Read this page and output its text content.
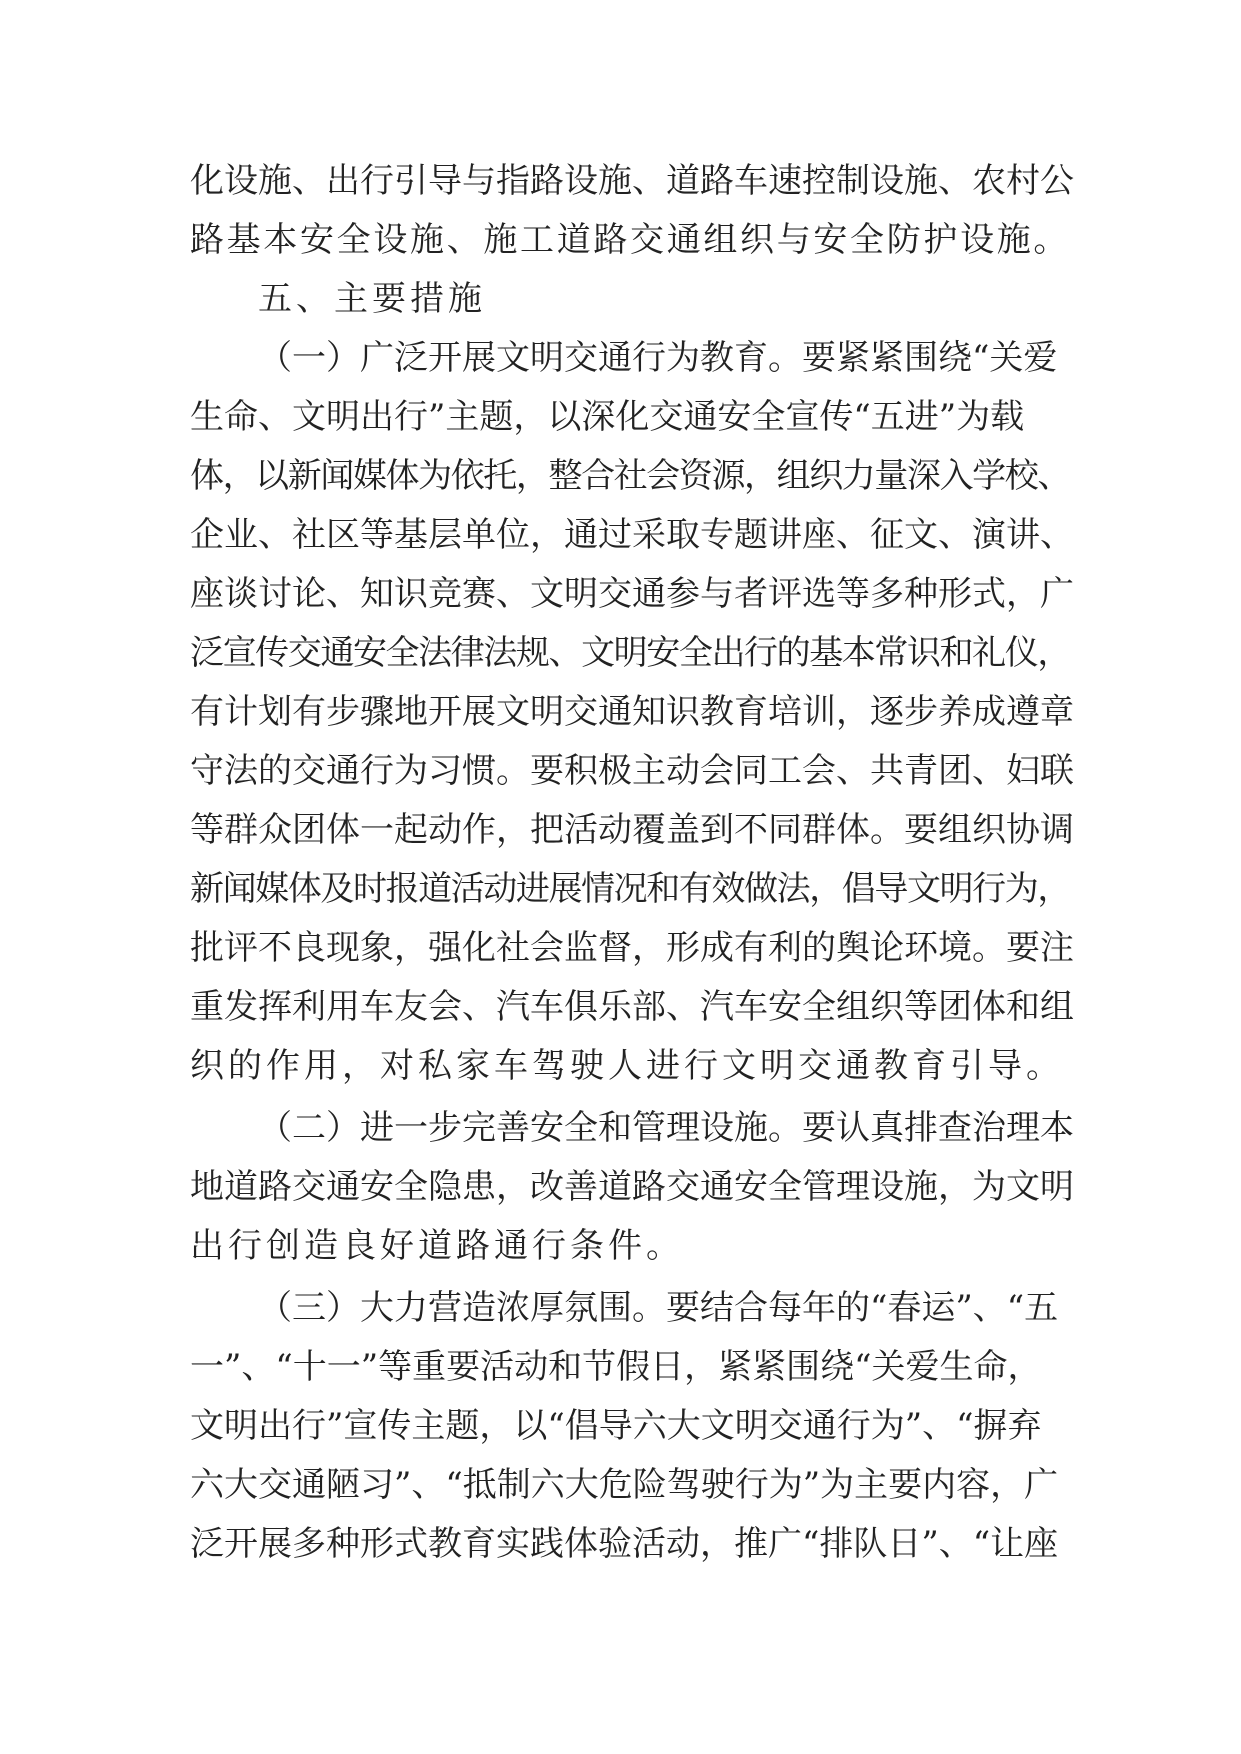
化设施、出行引导与指路设施、道路车速控制设施、农村公
路基本安全设施、施工道路交通组织与安全防护设施。
五、主要措施
（一）广泛开展文明交通行为教育。要紧紧围绕“关爱
生命、文明出行”主题，以深化交通安全宣传“五进”为载
体，以新闻媒体为依托，整合社会资源，组织力量深入学校、
企业、社区等基层单位，通过采取专题讲座、征文、演讲、
座谈讨论、知识竞赛、文明交通参与者评选等多种形式，广
泛宣传交通安全法律法规、文明安全出行的基本常识和礼仪，
有计划有步骤地开展文明交通知识教育培训，逐步养成遵章
守法的交通行为习惯。要积极主动会同工会、共青团、妇联
等群众团体一起动作，把活动覆盖到不同群体。要组织协调
新闻媒体及时报道活动进展情况和有效做法，倡导文明行为，
批评不良现象，强化社会监督，形成有利的舆论环境。要注
重发挥利用车友会、汽车俱乐部、汽车安全组织等团体和组
织的作用，对私家车驾驶人进行文明交通教育引导。
（二）进一步完善安全和管理设施。要认真排查治理本
地道路交通安全隐患，改善道路交通安全管理设施，为文明
出行创造良好道路通行条件。
（三）大力营造浓厚氛围。要结合每年的“春运”、“五
一”、“十一”等重要活动和节假日，紧紧围绕“关爱生命，
文明出行”宣传主题，以“倡导六大文明交通行为”、“摒弃
六大交通陋习”、“抵制六大危险驾驶行为”为主要内容，广
泛开展多种形式教育实践体验活动，推广“排队日”、“让座
